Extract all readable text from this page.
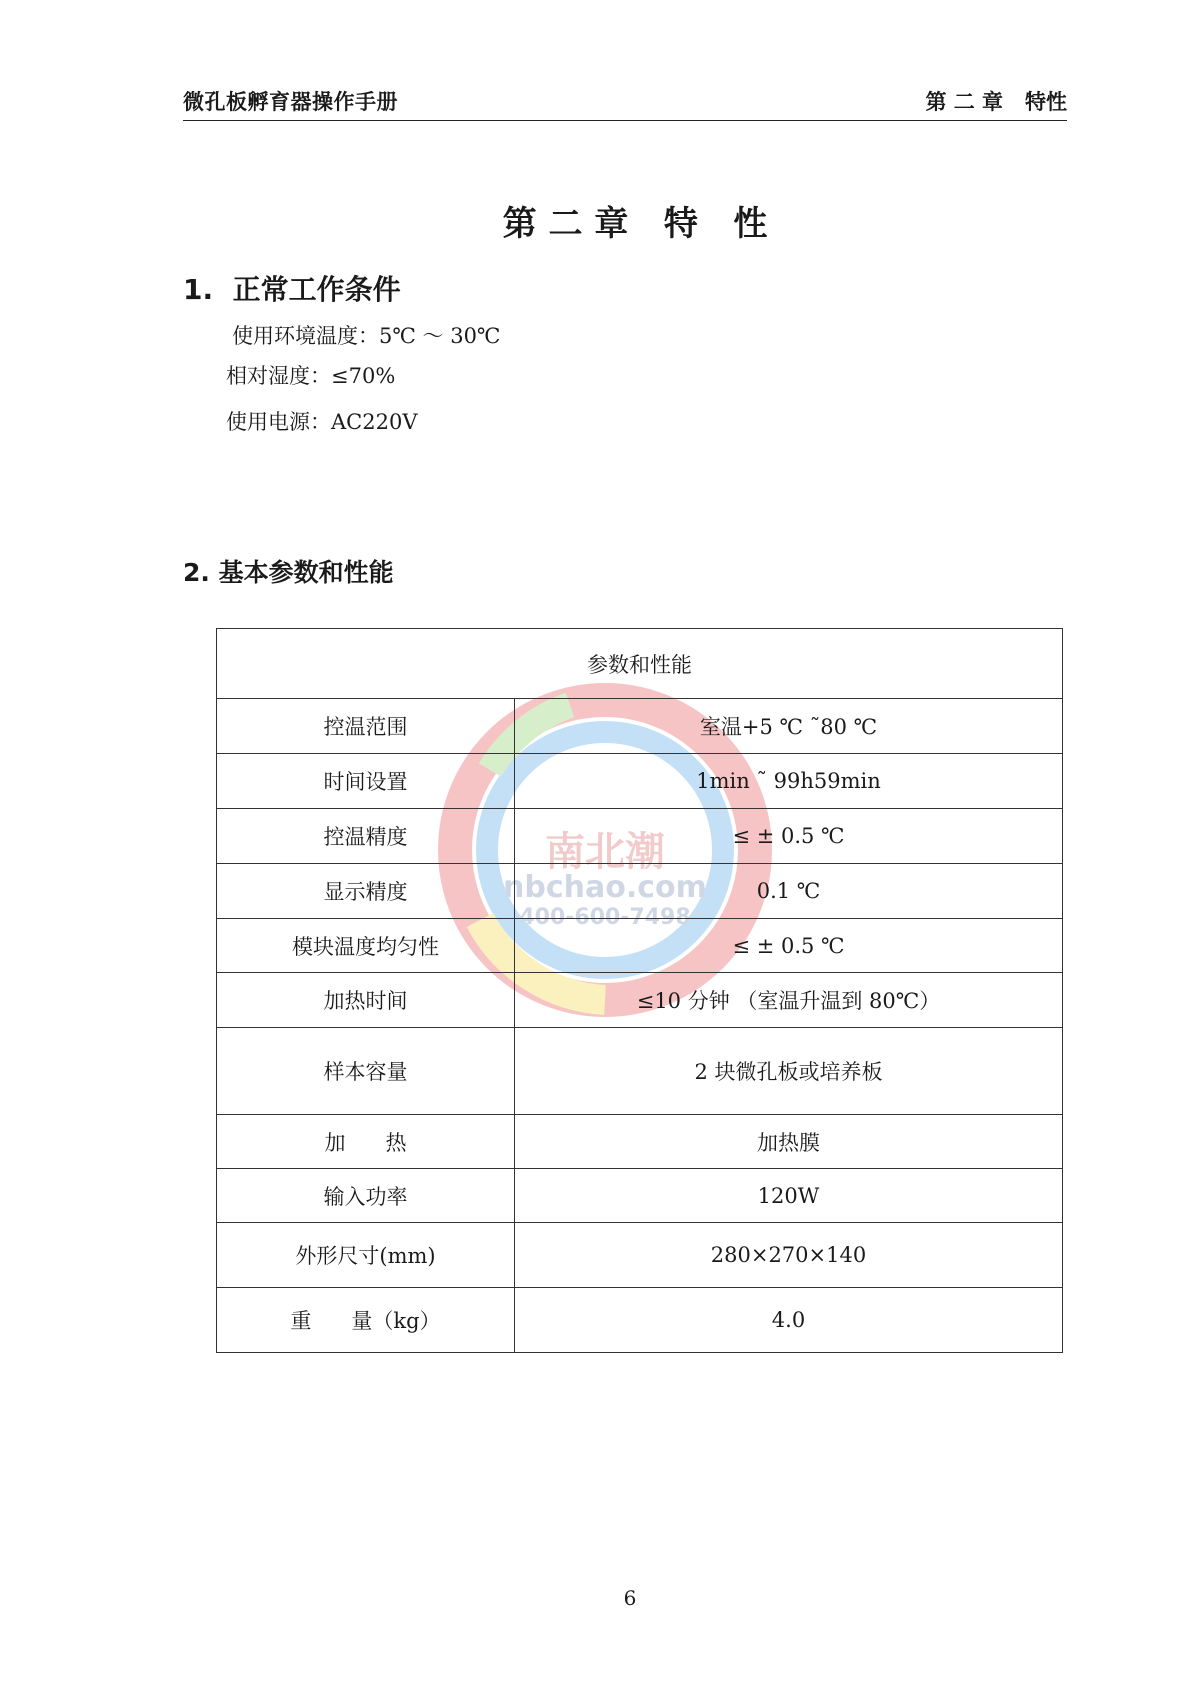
微孔板孵育器操作手册	第 二 章   特性
第 二 章   特   性
1.  正常工作条件
使用环境温度：5℃ ～ 30℃
相对湿度：≤70%
使用电源：AC220V
2. 基本参数和性能
南北潮
nbchao.com
400-600-7498
参数和性能	
控温范围	室温+5 ℃ ˜80 ℃
时间设置	1min ˜ 99h59min
控温精度	≤ ± 0.5 ℃
显示精度	0.1 ℃
模块温度均匀性	≤ ± 0.5 ℃
加热时间	≤10 分钟 （室温升温到 80℃）
样本容量	2 块微孔板或培养板
加      热	加热膜
输入功率	120W
外形尺寸(mm)	280×270×140
重      量（kg）	4.0
6
